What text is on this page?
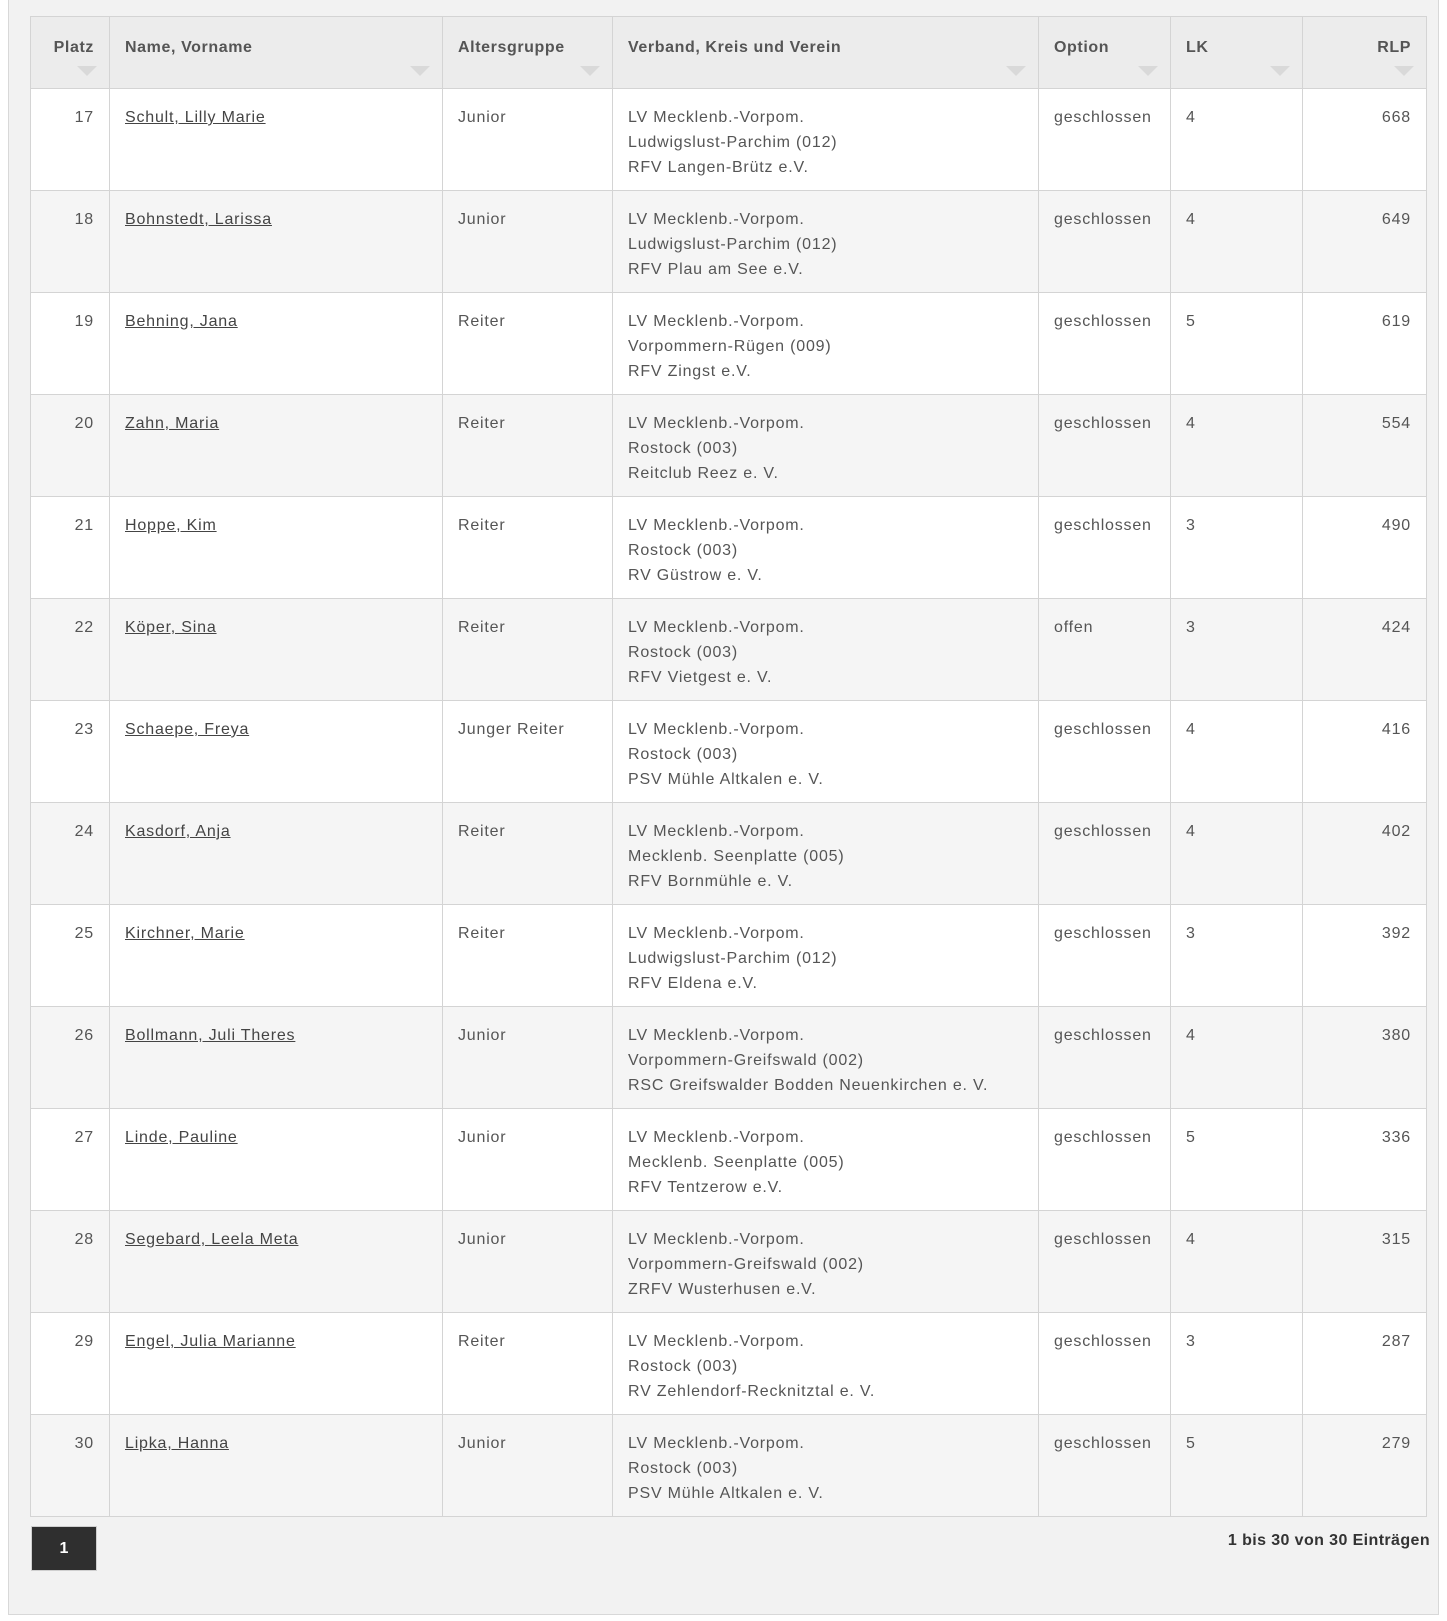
Platz	Name, Vorname	Altersgruppe	Verband, Kreis und Verein	Option	LK	RLP

17	Schult, Lilly Marie	Junior	LV Mecklenb.-Vorpom.
Ludwigslust-Parchim (012)
RFV Langen-Brütz e.V.	geschlossen	4	668
18	Bohnstedt, Larissa	Junior	LV Mecklenb.-Vorpom.
Ludwigslust-Parchim (012)
RFV Plau am See e.V.	geschlossen	4	649
19	Behning, Jana	Reiter	LV Mecklenb.-Vorpom.
Vorpommern-Rügen (009)
RFV Zingst e.V.	geschlossen	5	619
20	Zahn, Maria	Reiter	LV Mecklenb.-Vorpom.
Rostock (003)
Reitclub Reez e. V.	geschlossen	4	554
21	Hoppe, Kim	Reiter	LV Mecklenb.-Vorpom.
Rostock (003)
RV Güstrow e. V.	geschlossen	3	490
22	Köper, Sina	Reiter	LV Mecklenb.-Vorpom.
Rostock (003)
RFV Vietgest e. V.	offen	3	424
23	Schaepe, Freya	Junger Reiter	LV Mecklenb.-Vorpom.
Rostock (003)
PSV Mühle Altkalen e. V.	geschlossen	4	416
24	Kasdorf, Anja	Reiter	LV Mecklenb.-Vorpom.
Mecklenb. Seenplatte (005)
RFV Bornmühle e. V.	geschlossen	4	402
25	Kirchner, Marie	Reiter	LV Mecklenb.-Vorpom.
Ludwigslust-Parchim (012)
RFV Eldena e.V.	geschlossen	3	392
26	Bollmann, Juli Theres	Junior	LV Mecklenb.-Vorpom.
Vorpommern-Greifswald (002)
RSC Greifswalder Bodden Neuenkirchen e. V.	geschlossen	4	380
27	Linde, Pauline	Junior	LV Mecklenb.-Vorpom.
Mecklenb. Seenplatte (005)
RFV Tentzerow e.V.	geschlossen	5	336
28	Segebard, Leela Meta	Junior	LV Mecklenb.-Vorpom.
Vorpommern-Greifswald (002)
ZRFV Wusterhusen e.V.	geschlossen	4	315
29	Engel, Julia Marianne	Reiter	LV Mecklenb.-Vorpom.
Rostock (003)
RV Zehlendorf-Recknitztal e. V.	geschlossen	3	287
30	Lipka, Hanna	Junior	LV Mecklenb.-Vorpom.
Rostock (003)
PSV Mühle Altkalen e. V.	geschlossen	5	279
1	1 bis 30 von 30 Einträgen
